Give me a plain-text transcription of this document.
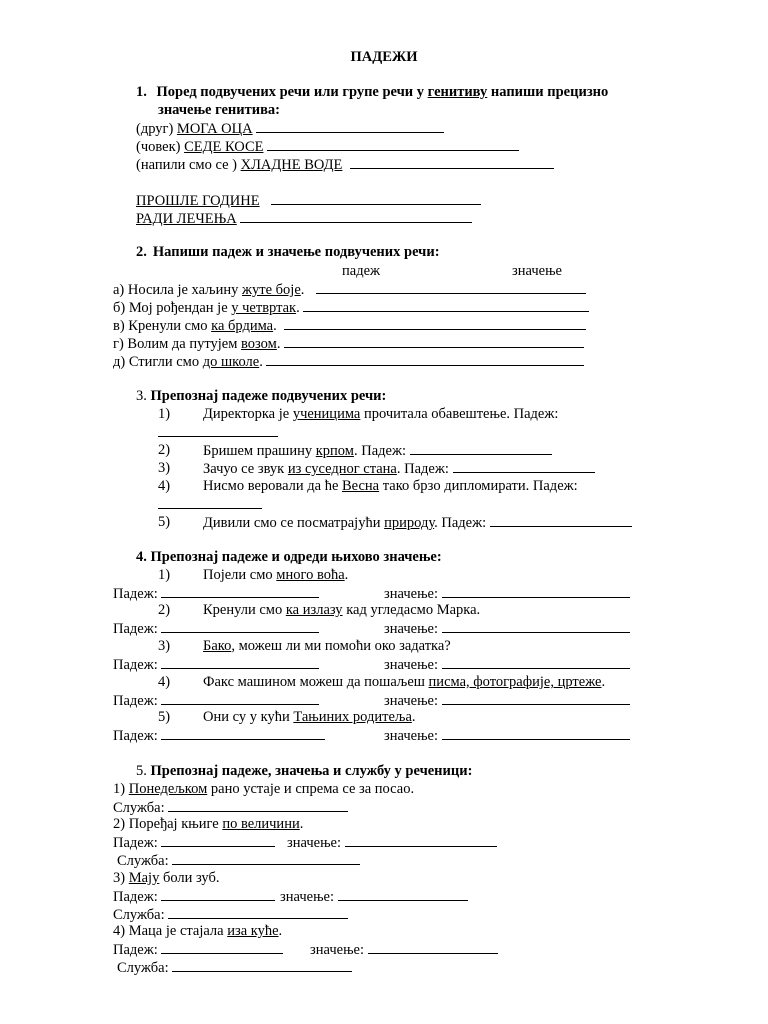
ПАДЕЖИ
1. Поред подвучених речи или групе речи у генитиву напиши прецизно
значење генитива:
(друг) МОГА ОЦА
(човек) СЕДЕ КОСЕ
(напили смо се ) ХЛАДНЕ ВОДЕ
ПРОШЛЕ ГОДИНЕ
РАДИ ЛЕЧЕЊА
2. Напиши падеж и значење подвучених речи:
падеж	значење
а) Носила је хаљину жуте боје.
б) Мој рођендан је у четвртак.
в) Кренули смо ка брдима.
г) Волим да путујем возом.
д) Стигли смо до школе.
3. Препознај падеже подвучених речи:
1) Директорка је ученицима прочитала обавештење. Падеж:
2) Бришем прашину крпом. Падеж:
3) Зачуо се звук из суседног стана. Падеж:
4) Нисмо веровали да ће Весна тако брзо дипломирати. Падеж:
5) Дивили смо се посматрајући природу. Падеж:
4. Препознај падеже и одреди њихово значење:
1) Појели смо много воћа.
Падеж:	значење:
2) Кренули смо ка излазу кад угледасмо Марка.
Падеж:	значење:
3) Бако, можеш ли ми помоћи око задатка?
Падеж:	значење:
4) Факс машином можеш да пошаљеш писма, фотографије, цртеже.
Падеж:	значење:
5) Они су у кући Тањиних родитеља.
Падеж:	значење:
5. Препознај падеже, значења и службу у реченици:
1) Понедељком рано устаје и спрема се за посао.
Служба:
2) Поређај књиге по величини.
Падеж:	значење:
Служба:
3) Мају боли зуб.
Падеж:	значење:
Служба:
4) Маца је стајала иза куће.
Падеж:	значење:
Служба:
